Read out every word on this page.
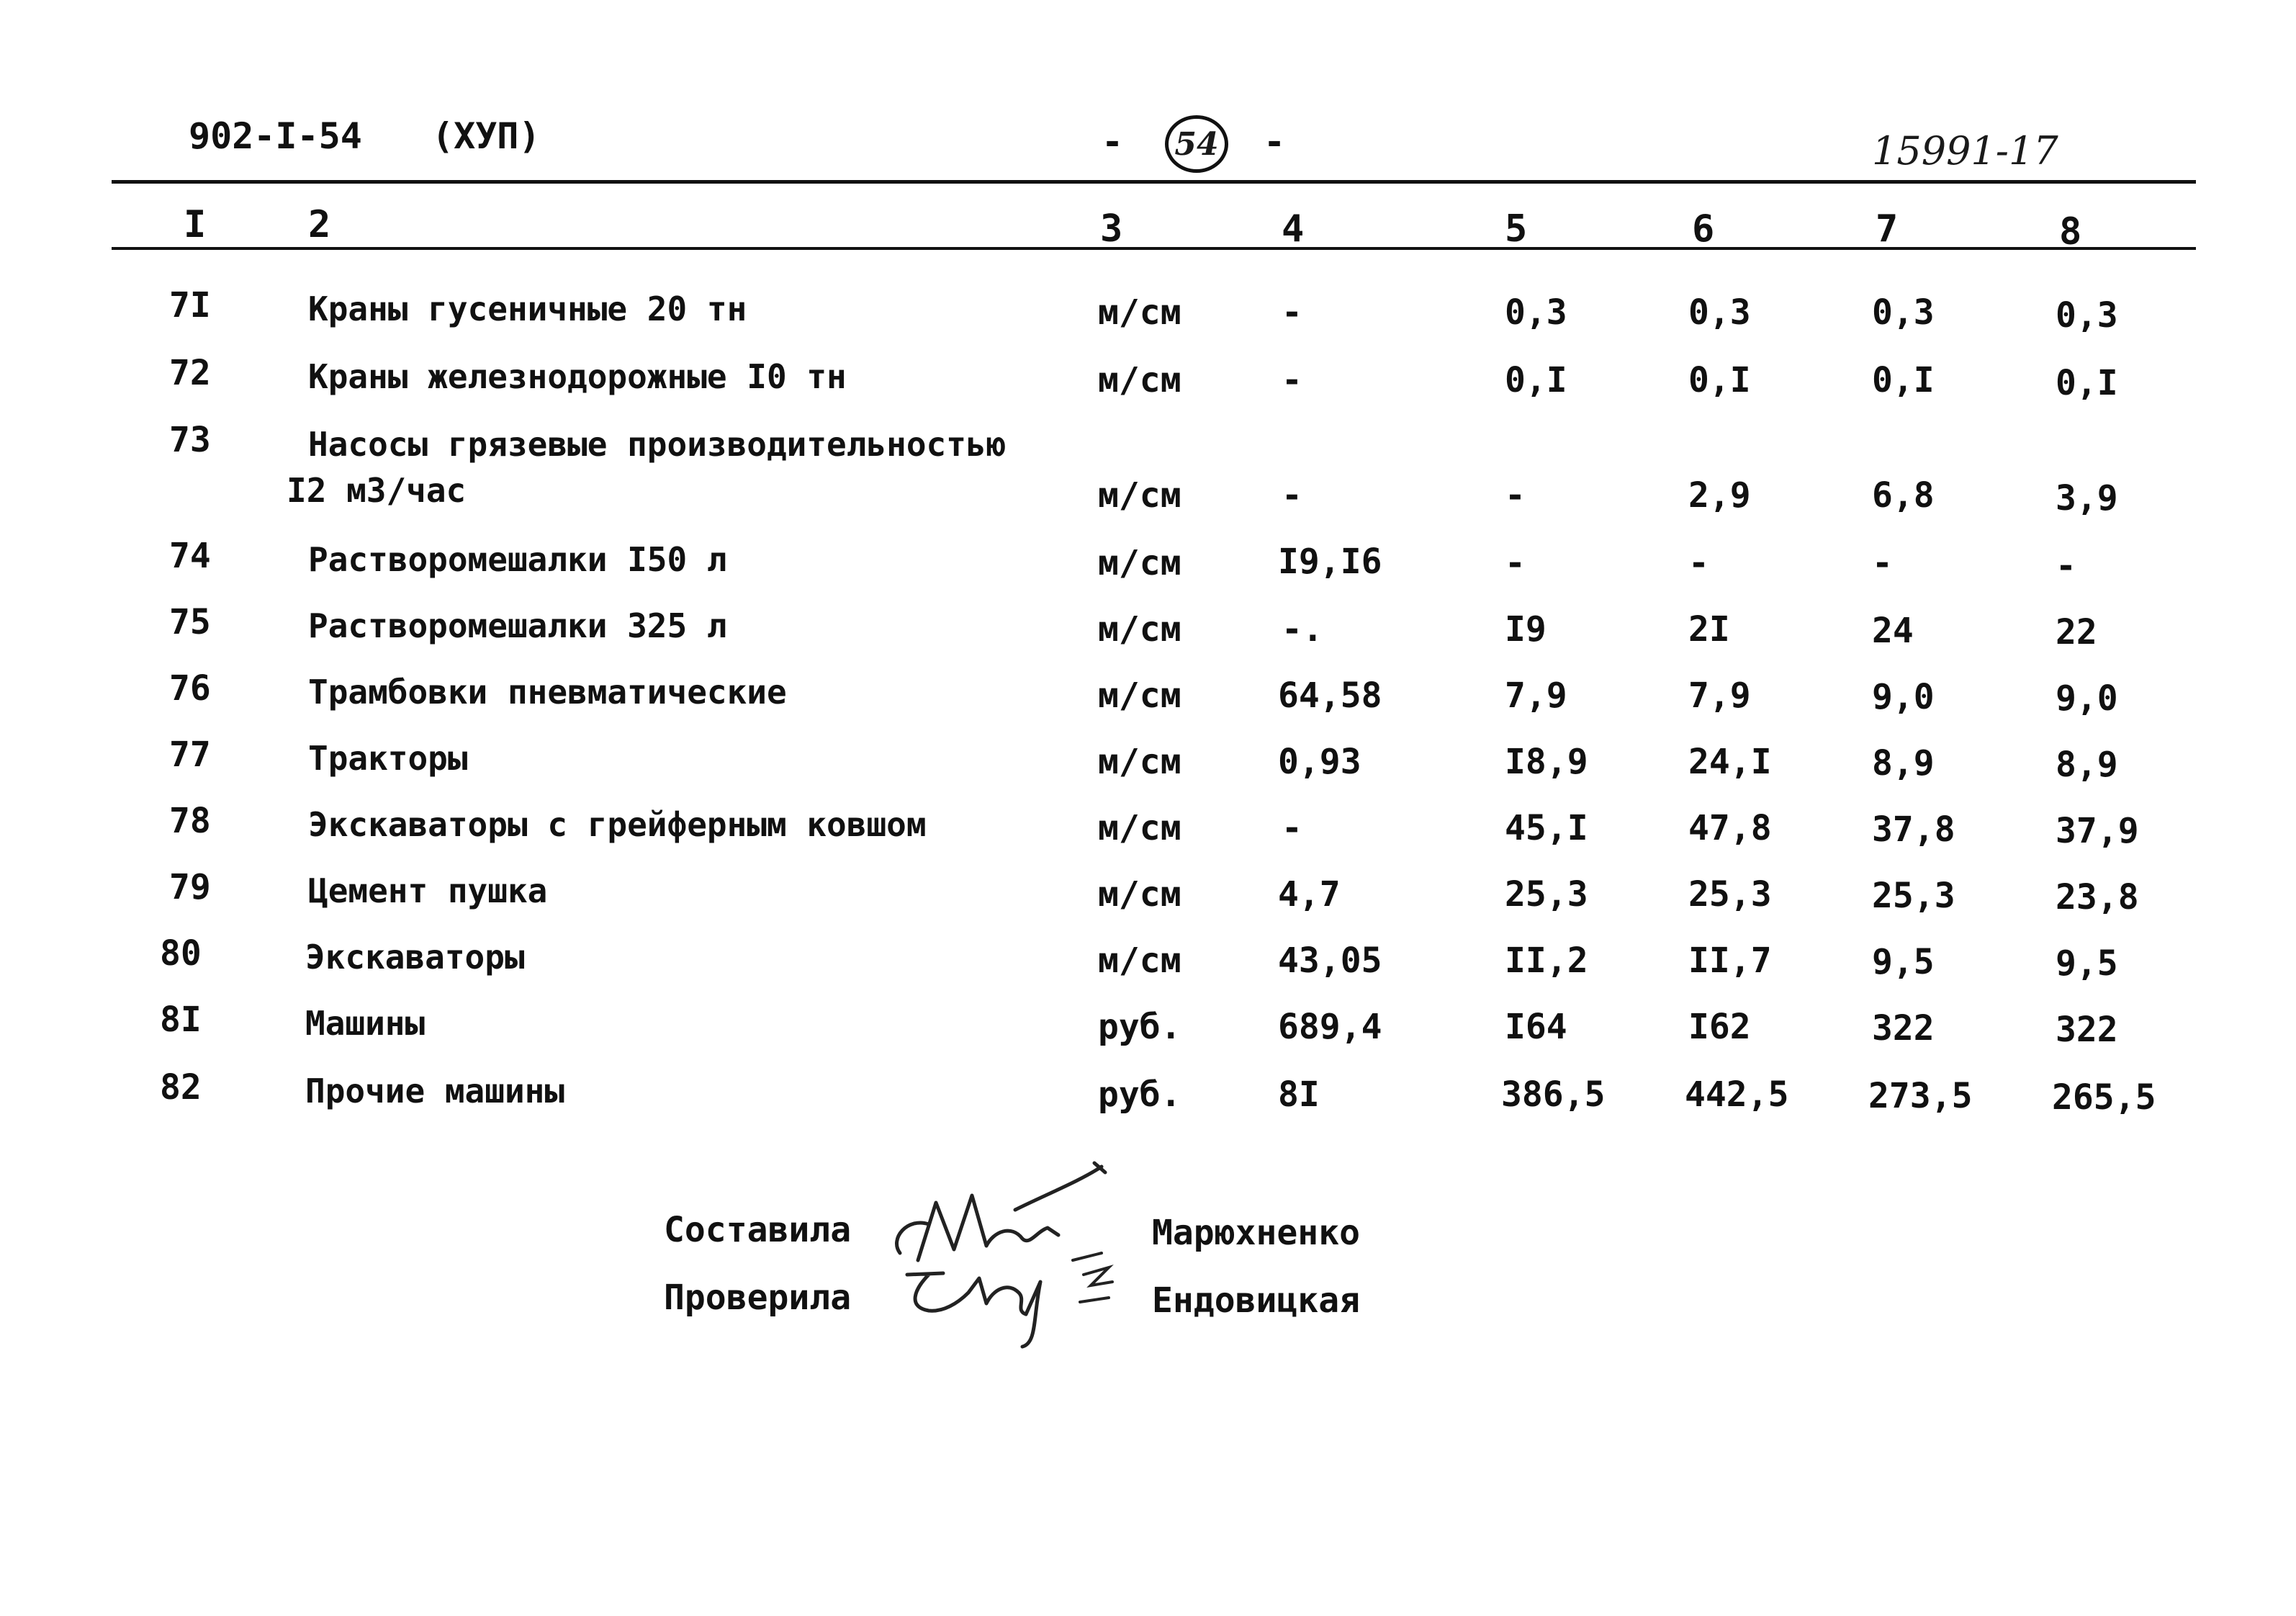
902-I-54 (ХУП)	- 54 -	15991-17
I	2	3	4	5	6	7	8
7I	Краны гусеничные 20 тн	м/см	-	0,3	0,3	0,3	0,3
72	Краны железнодорожные I0 тн	м/см	-	0,I	0,I	0,I	0,I
73	Насосы грязевые производительностью
I2 м3/час	м/см	-	-	2,9	6,8	3,9
74	Растворомешалки I50 л	м/см	I9,I6	-	-	-	-
75	Растворомешалки 325 л	м/см	-.	I9	2I	24	22
76	Трамбовки пневматические	м/см	64,58	7,9	7,9	9,0	9,0
77	Тракторы	м/см	0,93	I8,9	24,I	8,9	8,9
78	Экскаваторы с грейферным ковшом	м/см	-	45,I	47,8	37,8	37,9
79	Цемент пушка	м/см	4,7	25,3	25,3	25,3	23,8
80	Экскаваторы	м/см	43,05	II,2	II,7	9,5	9,5
8I	Машины	руб.	689,4	I64	I62	322	322
82	Прочие машины	руб.	8I	386,5 442,5 273,5 265,5
Составила	Марюхненко
Проверила	Ендовицкая
